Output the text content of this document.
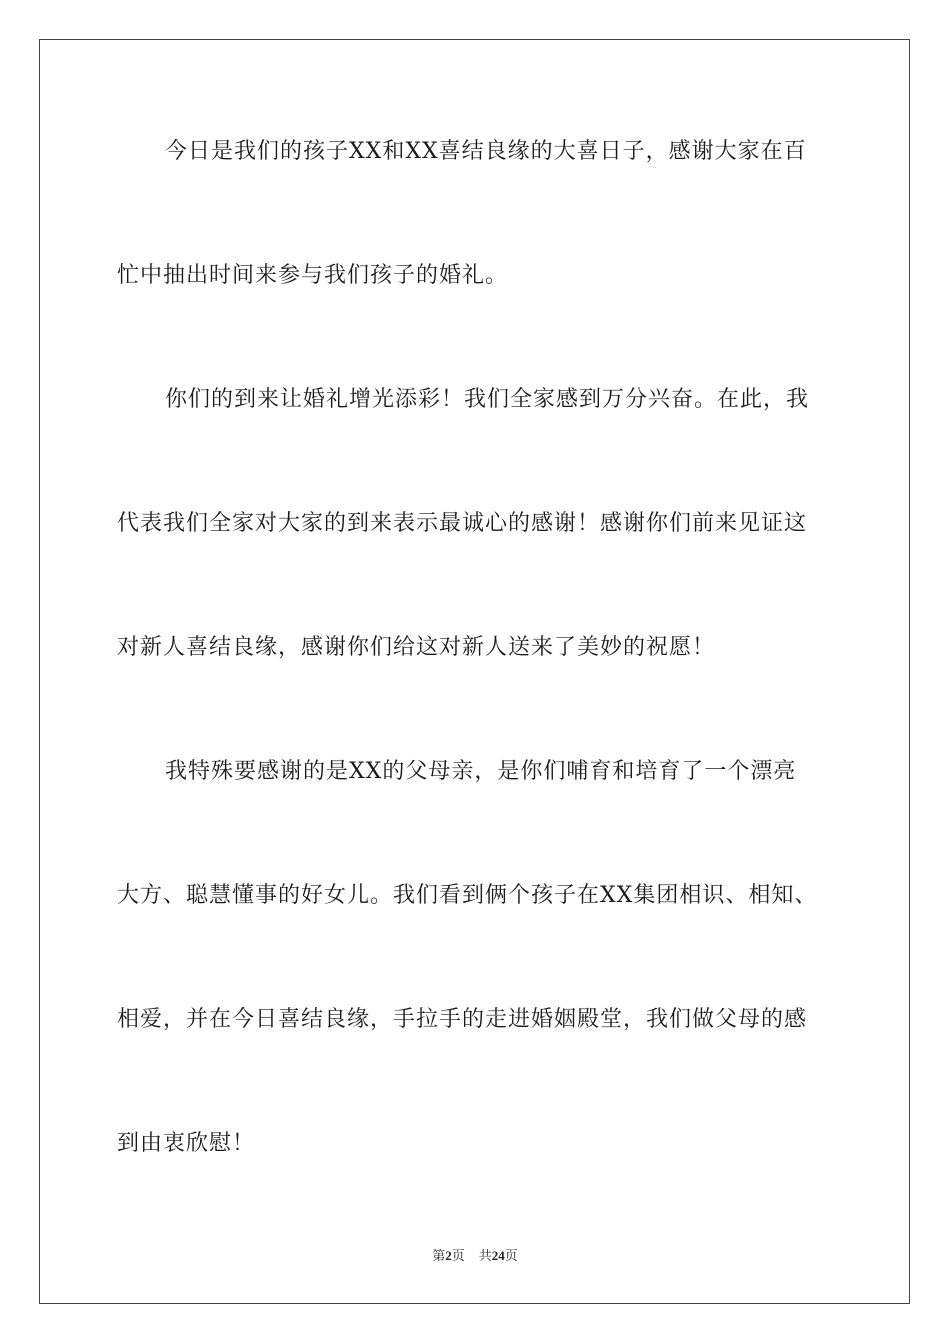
今日是我们的孩子XX和XX喜结良缘的大喜日子，感谢大家在百
忙中抽出时间来参与我们孩子的婚礼。
你们的到来让婚礼增光添彩！我们全家感到万分兴奋。在此，我
代表我们全家对大家的到来表示最诚心的感谢！感谢你们前来见证这
对新人喜结良缘，感谢你们给这对新人送来了美妙的祝愿！
我特殊要感谢的是XX的父母亲，是你们哺育和培育了一个漂亮
大方、聪慧懂事的好女儿。我们看到俩个孩子在XX集团相识、相知、
相爱，并在今日喜结良缘，手拉手的走进婚姻殿堂，我们做父母的感
到由衷欣慰！
第2页 共24页
